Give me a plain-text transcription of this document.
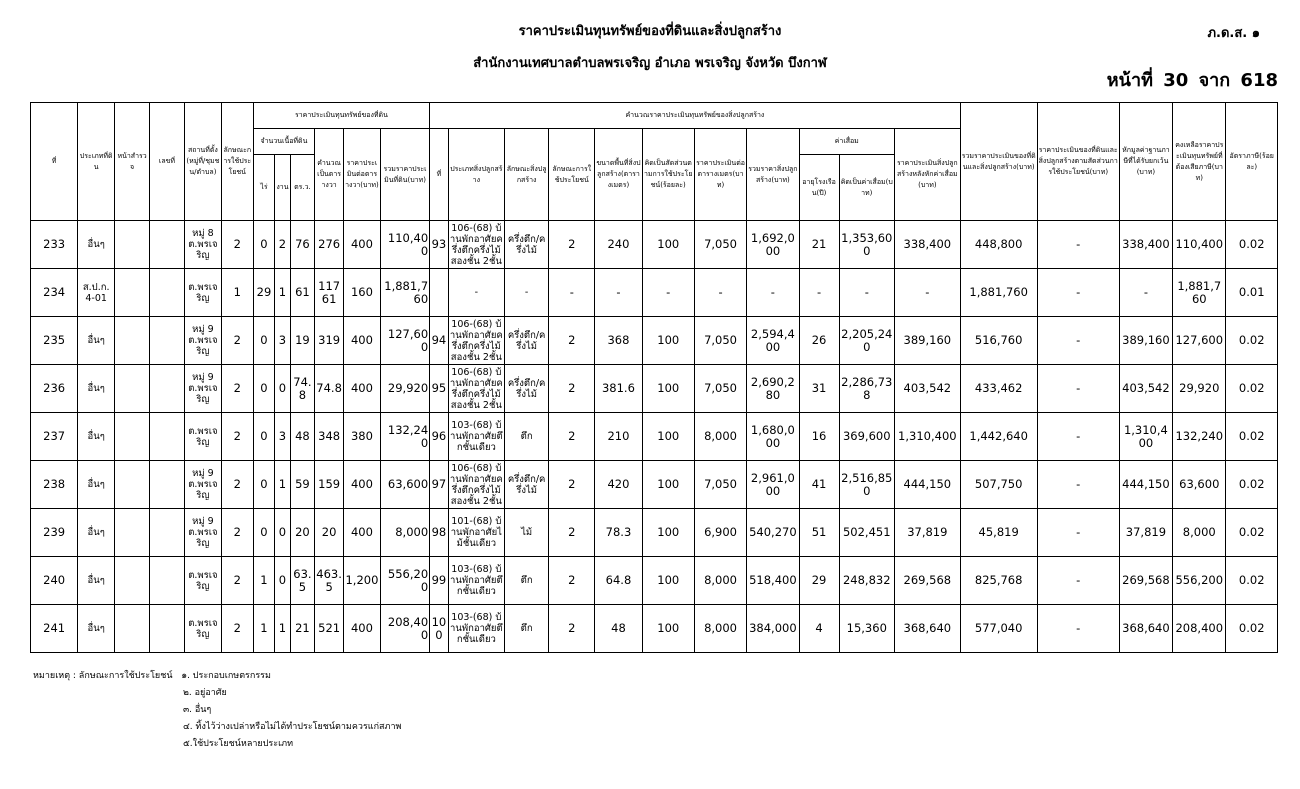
ราคาประเมินทุนทรัพย์ของที่ดินและสิ่งปลูกสร้าง
สำนักงานเทศบาลตำบลพรเจริญ อำเภอ พรเจริญ จังหวัด บึงกาฬ
ภ.ด.ส. ๑
หน้าที่ 30 จาก 618
ที่	ประเภทที่ดิน	หน้าสำรวจ	เลขที่	สถานที่ตั้ง(หมู่ที่/ชุมชน/ตำบล)	ลักษณะการใช้ประโยชน์	ราคาประเมินทุนทรัพย์ของที่ดิน						คำนวณราคาประเมินทุนทรัพย์ของสิ่งปลูกสร้าง											รวมราคาประเมินของที่ดินและสิ่งปลูกสร้าง(บาท)	ราคาประเมินของที่ดินและสิ่งปลูกสร้างตามสัดส่วนการใช้ประโยชน์(บาท)	หักมูลค่าฐานภาษีที่ได้รับยกเว้น(บาท)	คงเหลือราคาประเมินทุนทรัพย์ที่ต้องเสียภาษี(บาท)	อัตราภาษี(ร้อยละ)
						จำนวนเนื้อที่ดิน			คำนวณเป็นตารางวา	ราคาประเมินต่อตารางวา(บาท)	รวมราคาประเมินที่ดิน(บาท)	ที่	ประเภทสิ่งปลูกสร้าง	ลักษณะสิ่งปลูกสร้าง	ลักษณะการใช้ประโยชน์	ขนาดพื้นที่สิ่งปลูกสร้าง(ตารางเมตร)	คิดเป็นสัดส่วนตามการใช้ประโยชน์(ร้อยละ)	ราคาประเมินต่อตารางเมตร(บาท)	รวมราคาสิ่งปลูกสร้าง(บาท)	ค่าเสื่อม		ราคาประเมินสิ่งปลูกสร้างหลังหักค่าเสื่อม(บาท)					
						ไร่	งาน	ตร.ว.												อายุโรงเรือน(ปี)	คิดเป็นค่าเสื่อม(บาท)						
233	อื่นๆ			หมู่ 8 ต.พรเจริญ	2	0	2	76	276	400	110,400	93	106-(68) บ้านพักอาศัยครึ่งตึกครึ่งไม้สองชั้น 2ชั้น	ครึ่งตึก/ครึ่งไม้	2	240	100	7,050	1,692,000	21	1,353,600	338,400	448,800	-	338,400	110,400	0.02
234	ส.ป.ก. 4-01			ต.พรเจริญ	1	29	1	61	11761	160	1,881,760		-	-	-	-	-	-	-	-	-	-	1,881,760	-	-	1,881,760	0.01
235	อื่นๆ			หมู่ 9 ต.พรเจริญ	2	0	3	19	319	400	127,600	94	106-(68) บ้านพักอาศัยครึ่งตึกครึ่งไม้สองชั้น 2ชั้น	ครึ่งตึก/ครึ่งไม้	2	368	100	7,050	2,594,400	26	2,205,240	389,160	516,760	-	389,160	127,600	0.02
236	อื่นๆ			หมู่ 9 ต.พรเจริญ	2	0	0	74.8	74.8	400	29,920	95	106-(68) บ้านพักอาศัยครึ่งตึกครึ่งไม้สองชั้น 2ชั้น	ครึ่งตึก/ครึ่งไม้	2	381.6	100	7,050	2,690,280	31	2,286,738	403,542	433,462	-	403,542	29,920	0.02
237	อื่นๆ			ต.พรเจริญ	2	0	3	48	348	380	132,240	96	103-(68) บ้านพักอาศัยตึกชั้นเดียว	ตึก	2	210	100	8,000	1,680,000	16	369,600	1,310,400	1,442,640	-	1,310,400	132,240	0.02
238	อื่นๆ			หมู่ 9 ต.พรเจริญ	2	0	1	59	159	400	63,600	97	106-(68) บ้านพักอาศัยครึ่งตึกครึ่งไม้สองชั้น 2ชั้น	ครึ่งตึก/ครึ่งไม้	2	420	100	7,050	2,961,000	41	2,516,850	444,150	507,750	-	444,150	63,600	0.02
239	อื่นๆ			หมู่ 9 ต.พรเจริญ	2	0	0	20	20	400	8,000	98	101-(68) บ้านพักอาศัยไม้ชั้นเดียว	ไม้	2	78.3	100	6,900	540,270	51	502,451	37,819	45,819	-	37,819	8,000	0.02
240	อื่นๆ			ต.พรเจริญ	2	1	0	63.5	463.5	1,200	556,200	99	103-(68) บ้านพักอาศัยตึกชั้นเดียว	ตึก	2	64.8	100	8,000	518,400	29	248,832	269,568	825,768	-	269,568	556,200	0.02
241	อื่นๆ			ต.พรเจริญ	2	1	1	21	521	400	208,400	100	103-(68) บ้านพักอาศัยตึกชั้นเดียว	ตึก	2	48	100	8,000	384,000	4	15,360	368,640	577,040	-	368,640	208,400	0.02
หมายเหตุ : ลักษณะการใช้ประโยชน์ ๑. ประกอบเกษตรกรรม
๒. อยู่อาศัย
๓. อื่นๆ
๔. ทิ้งไว้ว่างเปล่าหรือไม่ได้ทำประโยชน์ตามควรแก่สภาพ
๕.ใช้ประโยชน์หลายประเภท
